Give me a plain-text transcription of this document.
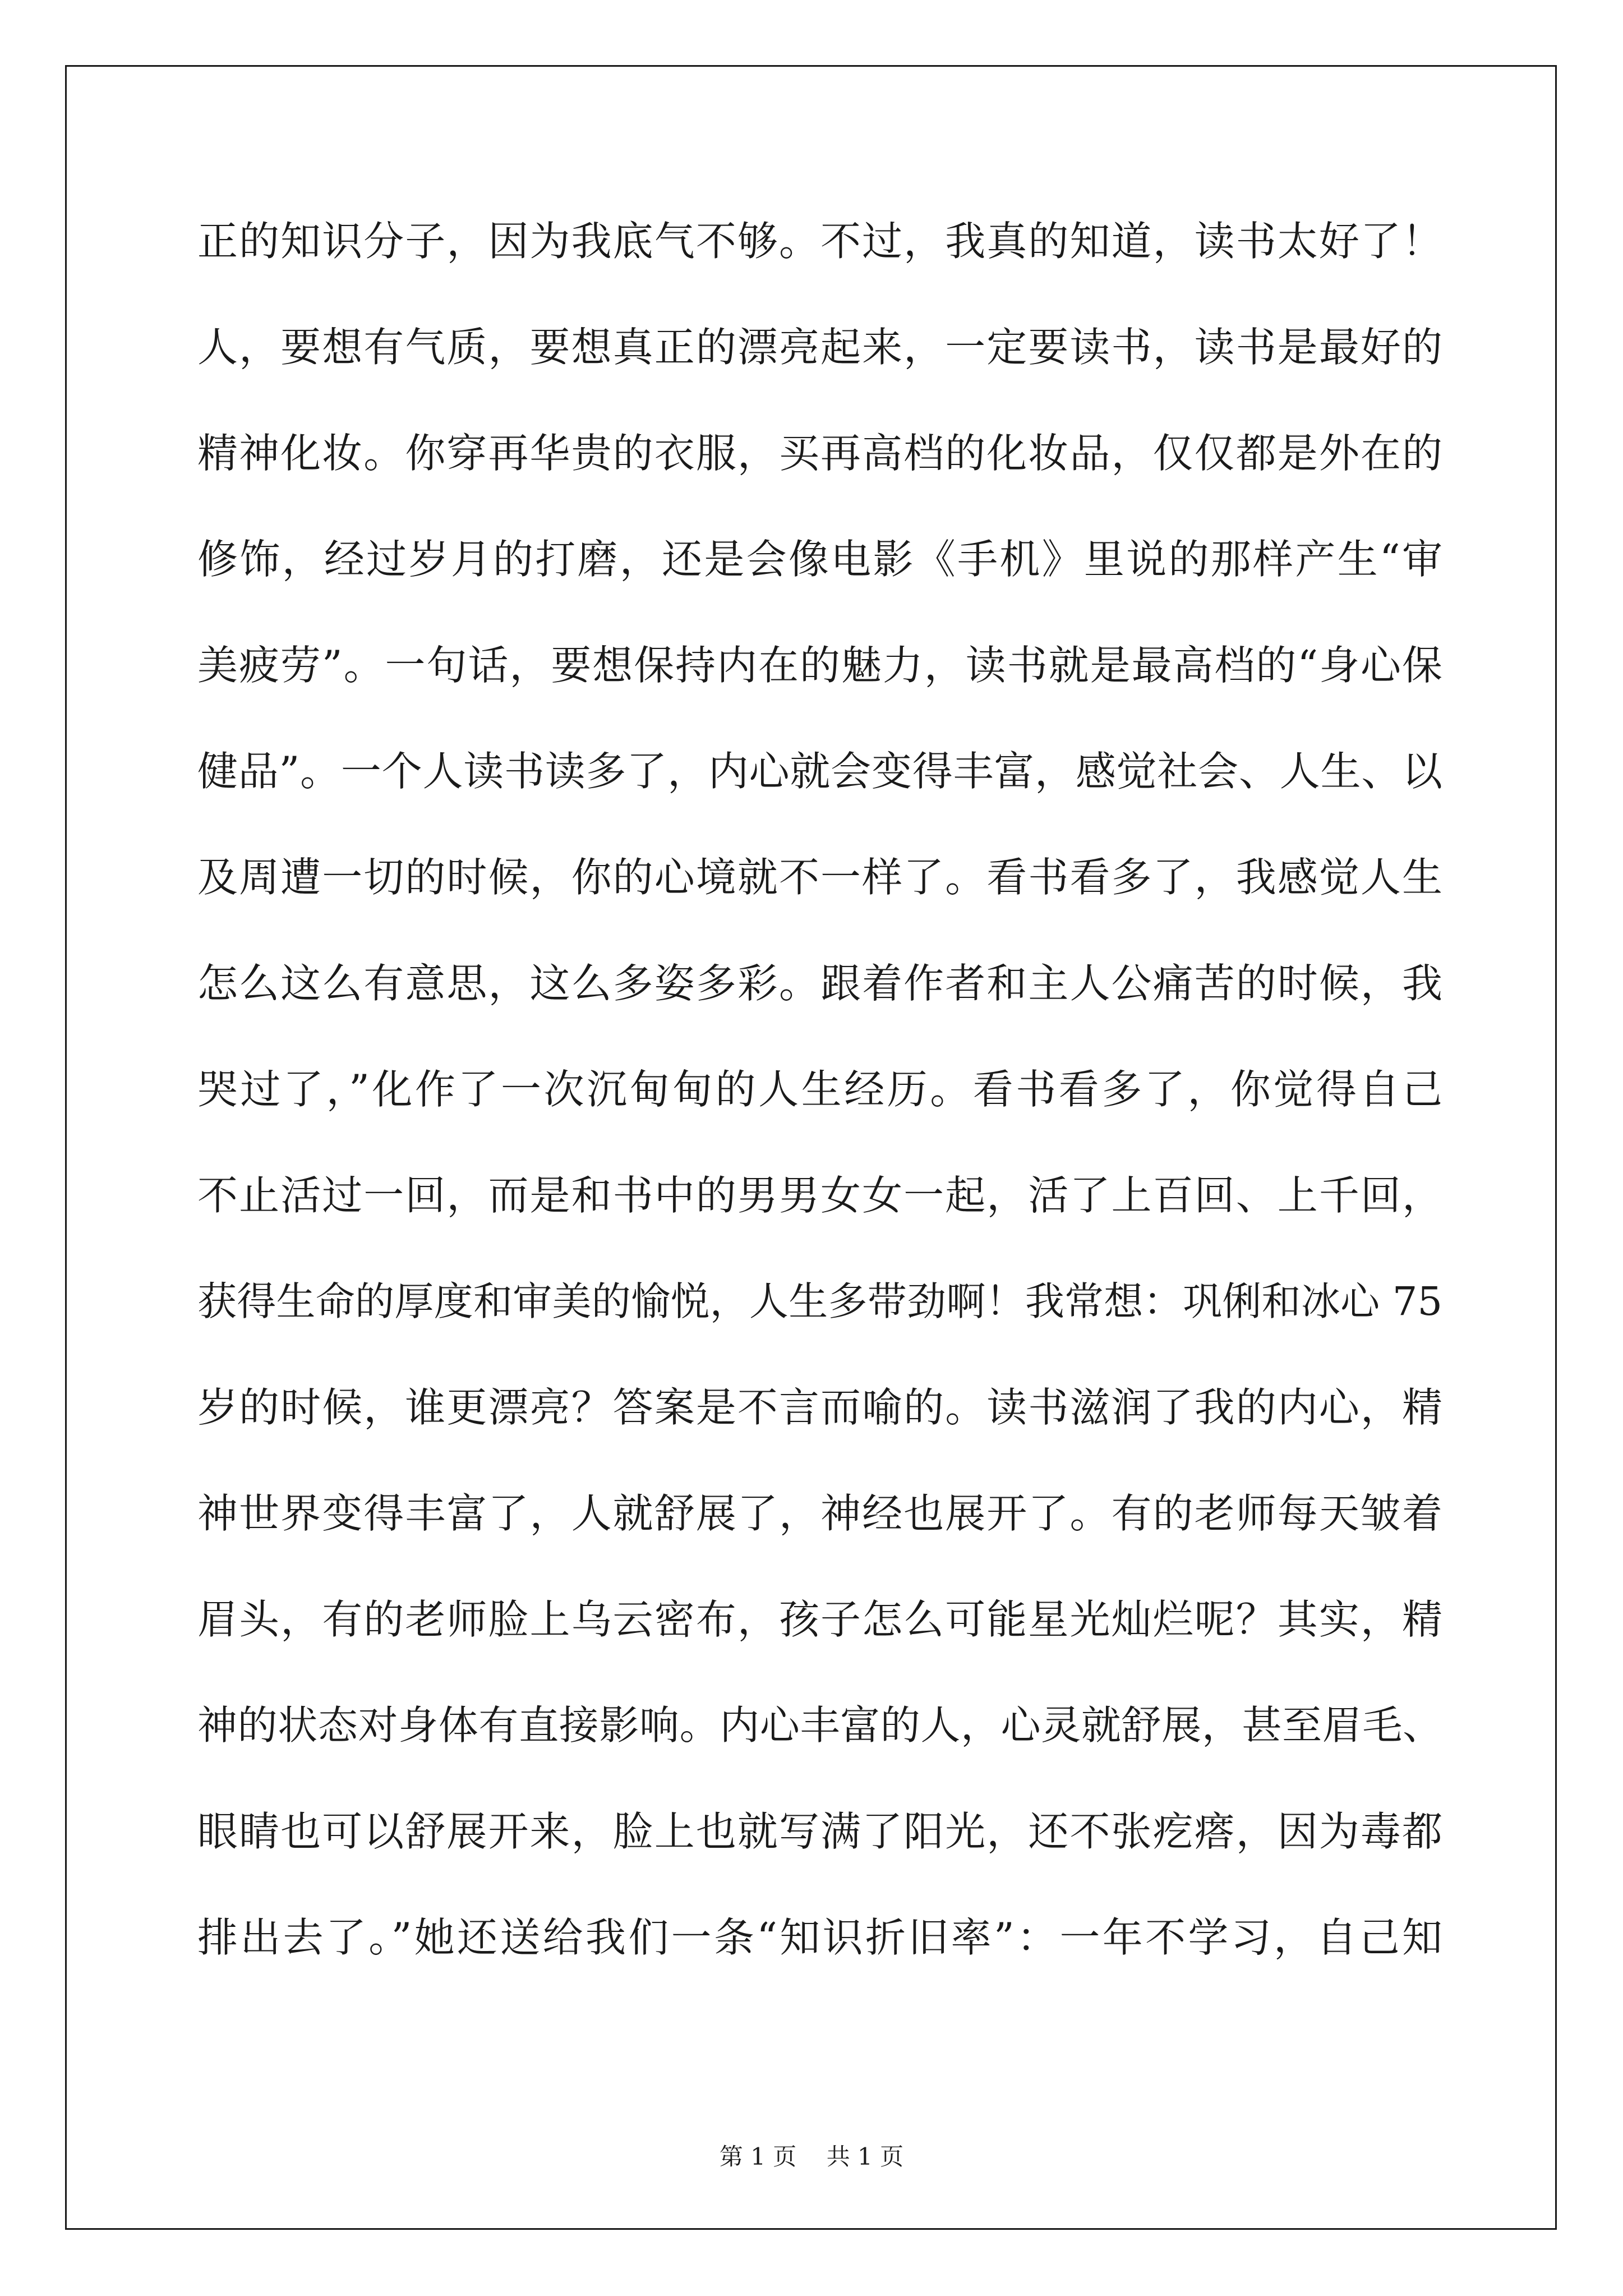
正的知识分子，因为我底气不够。不过，我真的知道，读书太好了！
人，要想有气质，要想真正的漂亮起来，一定要读书，读书是最好的
精神化妆。你穿再华贵的衣服，买再高档的化妆品，仅仅都是外在的
修饰，经过岁月的打磨，还是会像电影《手机》里说的那样产生“审
美疲劳”。一句话，要想保持内在的魅力，读书就是最高档的“身心保
健品”。一个人读书读多了，内心就会变得丰富，感觉社会、人生、以
及周遭一切的时候，你的心境就不一样了。看书看多了，我感觉人生
怎么这么有意思，这么多姿多彩。跟着作者和主人公痛苦的时候，我
哭过了，”化作了一次沉甸甸的人生经历。看书看多了，你觉得自己
不止活过一回，而是和书中的男男女女一起，活了上百回、上千回，
获得生命的厚度和审美的愉悦，人生多带劲啊！我常想：巩俐和冰心 75
岁的时候，谁更漂亮？答案是不言而喻的。读书滋润了我的内心，精
神世界变得丰富了，人就舒展了，神经也展开了。有的老师每天皱着
眉头，有的老师脸上乌云密布，孩子怎么可能星光灿烂呢？其实，精
神的状态对身体有直接影响。内心丰富的人，心灵就舒展，甚至眉毛、
眼睛也可以舒展开来，脸上也就写满了阳光，还不张疙瘩，因为毒都
排出去了。”她还送给我们一条“知识折旧率”：一年不学习，自己知
第 1 页 共 1 页
